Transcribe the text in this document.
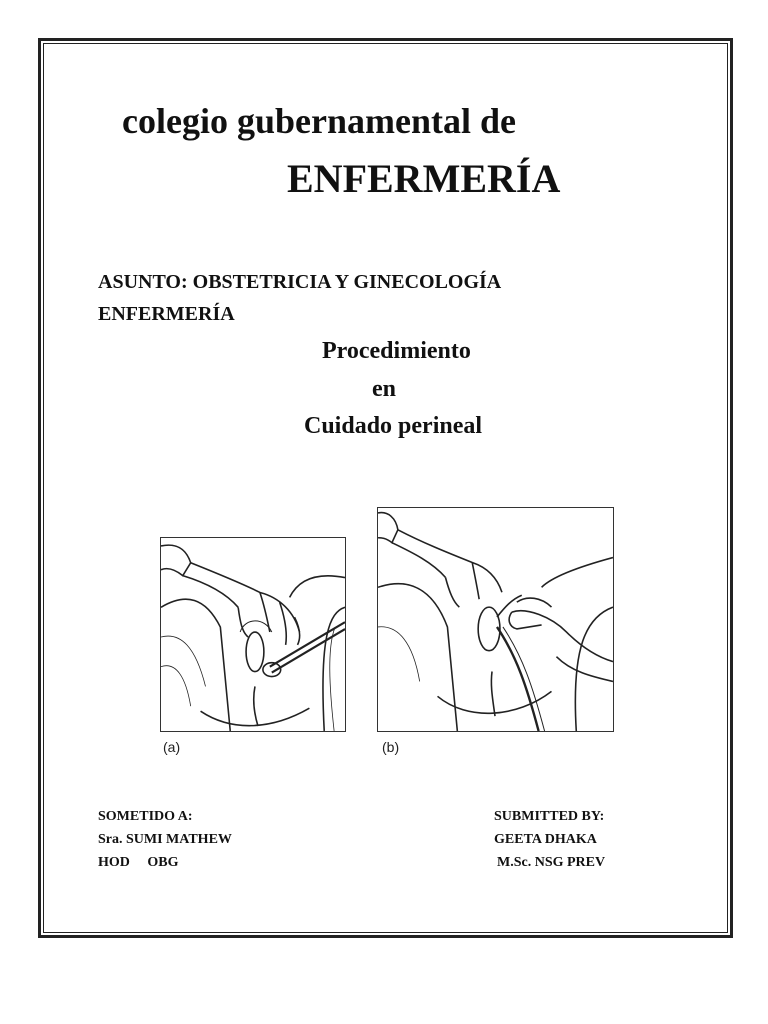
colegio gubernamental de
ENFERMERÍA
ASUNTO: OBSTETRICIA Y GINECOLOGÍA
ENFERMERÍA
Procedimiento
en
Cuidado perineal
(a)	(b)
SOMETIDO A:
Sra. SUMI MATHEW
HOD     OBG
SUBMITTED BY:
GEETA DHAKA
M.Sc. NSG PREV
